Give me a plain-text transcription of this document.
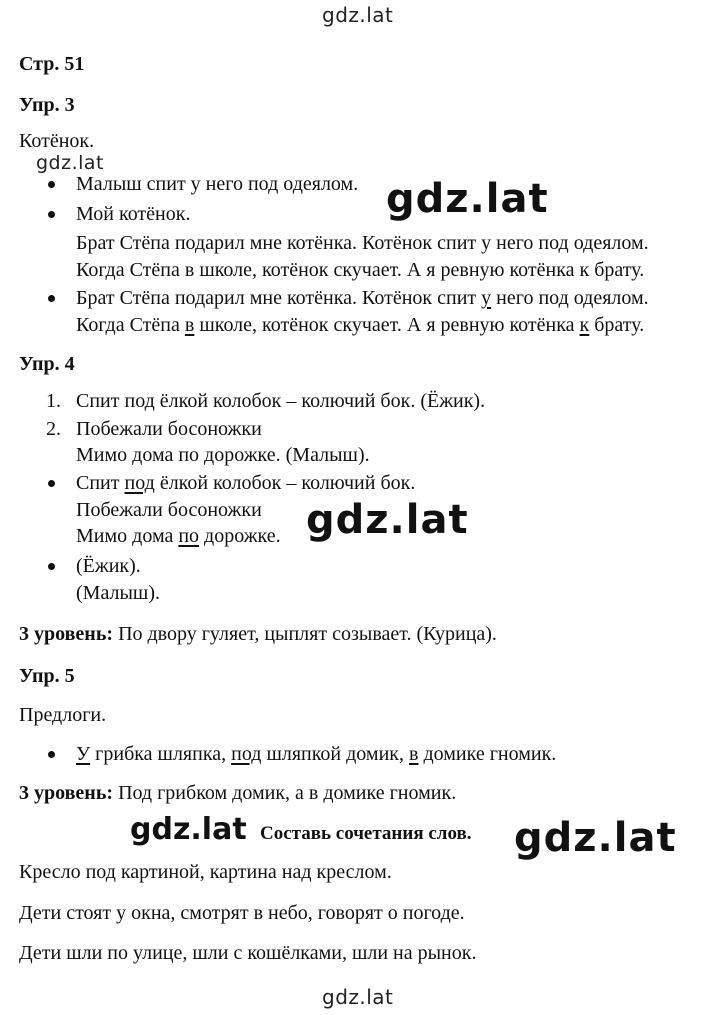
gdz.lat
gdz.lat
gdz.lat
gdz.lat
gdz.lat	gdz.lat
gdz.lat
Стр. 51
Упр. 3
Котёнок.
Малыш спит у него под одеялом.
Мой котёнок.
Брат Стёпа подарил мне котёнка. Котёнок спит у него под одеялом.
Когда Стёпа в школе, котёнок скучает. А я ревную котёнка к брату.
Брат Стёпа подарил мне котёнка. Котёнок спит у него под одеялом.
Когда Стёпа в школе, котёнок скучает. А я ревную котёнка к брату.
Упр. 4
1. Спит под ёлкой колобок – колючий бок. (Ёжик).
2. Побежали босоножки
Мимо дома по дорожке. (Малыш).
Спит под ёлкой колобок – колючий бок.
Побежали босоножки
Мимо дома по дорожке.
(Ёжик).
(Малыш).
3 уровень: По двору гуляет, цыплят созывает. (Курица).
Упр. 5
Предлоги.
У грибка шляпка, под шляпкой домик, в домике гномик.
3 уровень: Под грибком домик, а в домике гномик.
Составь сочетания слов.
Кресло под картиной, картина над креслом.
Дети стоят у окна, смотрят в небо, говорят о погоде.
Дети шли по улице, шли с кошёлками, шли на рынок.
